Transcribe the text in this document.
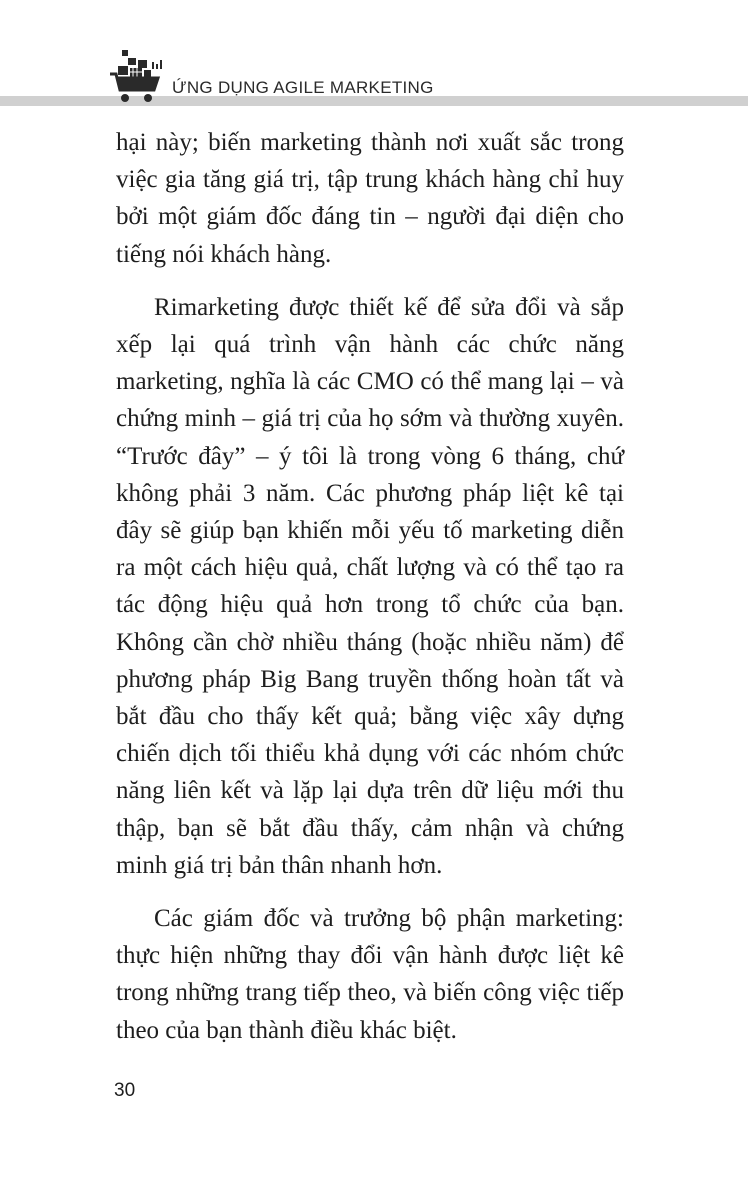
ỨNG DỤNG AGILE MARKETING

hại này; biến marketing thành nơi xuất sắc trong việc gia tăng giá trị, tập trung khách hàng chỉ huy bởi một giám đốc đáng tin – người đại diện cho tiếng nói khách hàng.

Rimarketing được thiết kế để sửa đổi và sắp xếp lại quá trình vận hành các chức năng marketing, nghĩa là các CMO có thể mang lại – và chứng minh – giá trị của họ sớm và thường xuyên. “Trước đây” – ý tôi là trong vòng 6 tháng, chứ không phải 3 năm. Các phương pháp liệt kê tại đây sẽ giúp bạn khiến mỗi yếu tố marketing diễn ra một cách hiệu quả, chất lượng và có thể tạo ra tác động hiệu quả hơn trong tổ chức của bạn. Không cần chờ nhiều tháng (hoặc nhiều năm) để phương pháp Big Bang truyền thống hoàn tất và bắt đầu cho thấy kết quả; bằng việc xây dựng chiến dịch tối thiểu khả dụng với các nhóm chức năng liên kết và lặp lại dựa trên dữ liệu mới thu thập, bạn sẽ bắt đầu thấy, cảm nhận và chứng minh giá trị bản thân nhanh hơn.

Các giám đốc và trưởng bộ phận marketing: thực hiện những thay đổi vận hành được liệt kê trong những trang tiếp theo, và biến công việc tiếp theo của bạn thành điều khác biệt.

30
